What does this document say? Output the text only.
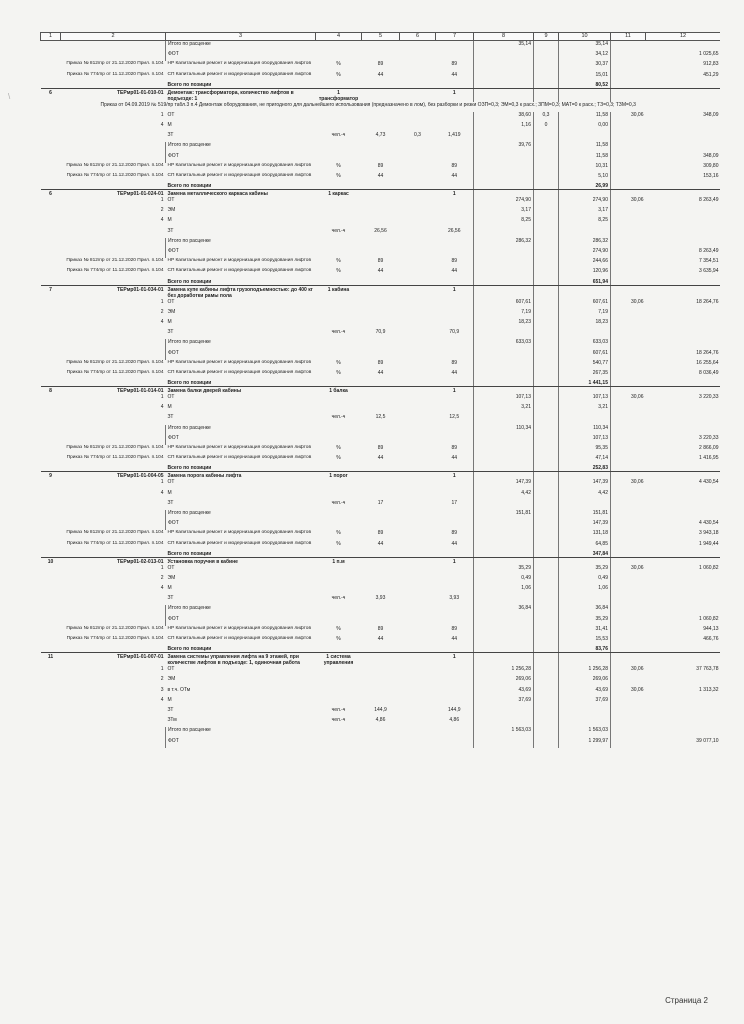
\
1	2	3	4	5	6	7	8	9	10	11	12
		Итого по расценке					35,14		35,14		
		ФОТ							34,12		1 025,65
	Приказ № 812/пр от 21.12.2020 Прил. п.104	НР Капитальный ремонт и модернизация оборудования лифтов	%	89		89			30,37		912,83
	Приказ № 774/пр от 11.12.2020 Прил. п.104	СП Капитальный ремонт и модернизация оборудования лифтов	%	44		44			15,01		451,29
		Всего по позиции							80,52		
6	ТЕРмр01-01-010-01	Демонтаж: трансформатора, количество лифтов в подъезде: 1	1 трансформатор			1					
Приказ от 04.09.2019 № 519/пр табл.3 п.4 Демонтаж оборудования, не пригодного для дальнейшего использования (предназначено в лом), без разборки и резки ОЗП=0,3; ЭМ=0,3 к расх.; ЗПМ=0,3; МАТ=0 к расх.; ТЗ=0,3; ТЗМ=0,3											
	1	ОТ					38,60	0,3	11,58	30,06	348,09
	4	М					1,16	0	0,00		
		ЗТ	чел.-ч	4,73	0,3	1,419					
		Итого по расценке					39,76		11,58		
		ФОТ							11,58		348,09
	Приказ № 812/пр от 21.12.2020 Прил. п.104	НР Капитальный ремонт и модернизация оборудования лифтов	%	89		89			10,31		309,80
	Приказ № 774/пр от 11.12.2020 Прил. п.104	СП Капитальный ремонт и модернизация оборудования лифтов	%	44		44			5,10		153,16
		Всего по позиции							26,99		
6	ТЕРмр01-01-024-01	Замена металлического каркаса кабины	1 каркас			1					
	1	ОТ					274,90		274,90	30,06	8 263,49
	2	ЭМ					3,17		3,17		
	4	М					8,25		8,25		
		ЗТ	чел.-ч	26,56		26,56					
		Итого по расценке					286,32		286,32		
		ФОТ							274,90		8 263,49
	Приказ № 812/пр от 21.12.2020 Прил. п.104	НР Капитальный ремонт и модернизация оборудования лифтов	%	89		89			244,66		7 354,51
	Приказ № 774/пр от 11.12.2020 Прил. п.104	СП Капитальный ремонт и модернизация оборудования лифтов	%	44		44			120,96		3 635,94
		Всего по позиции							651,94		
7	ТЕРмр01-01-034-01	Замена купе кабины лифта грузоподъемностью: до 400 кг без доработки рамы пола	1 кабина			1					
	1	ОТ					607,61		607,61	30,06	18 264,76
	2	ЭМ					7,19		7,19		
	4	М					18,23		18,23		
		ЗТ	чел.-ч	70,9		70,9					
		Итого по расценке					633,03		633,03		
		ФОТ							607,61		18 264,76
	Приказ № 812/пр от 21.12.2020 Прил. п.104	НР Капитальный ремонт и модернизация оборудования лифтов	%	89		89			540,77		16 255,64
	Приказ № 774/пр от 11.12.2020 Прил. п.104	СП Капитальный ремонт и модернизация оборудования лифтов	%	44		44			267,35		8 036,49
		Всего по позиции							1 441,15		
8	ТЕРмр01-01-014-01	Замена балки дверей кабины	1 балка			1					
	1	ОТ					107,13		107,13	30,06	3 220,33
	4	М					3,21		3,21		
		ЗТ	чел.-ч	12,5		12,5					
		Итого по расценке					110,34		110,34		
		ФОТ							107,13		3 220,33
	Приказ № 812/пр от 21.12.2020 Прил. п.104	НР Капитальный ремонт и модернизация оборудования лифтов	%	89		89			95,35		2 866,09
	Приказ № 774/пр от 11.12.2020 Прил. п.104	СП Капитальный ремонт и модернизация оборудования лифтов	%	44		44			47,14		1 416,95
		Всего по позиции							252,83		
9	ТЕРмр01-01-004-05	Замена порога кабины лифта	1 порог			1					
	1	ОТ					147,39		147,39	30,06	4 430,54
	4	М					4,42		4,42		
		ЗТ	чел.-ч	17		17					
		Итого по расценке					151,81		151,81		
		ФОТ							147,39		4 430,54
	Приказ № 812/пр от 21.12.2020 Прил. п.104	НР Капитальный ремонт и модернизация оборудования лифтов	%	89		89			131,18		3 943,18
	Приказ № 774/пр от 11.12.2020 Прил. п.104	СП Капитальный ремонт и модернизация оборудования лифтов	%	44		44			64,85		1 949,44
		Всего по позиции							347,84		
10	ТЕРмр01-02-013-01	Установка поручня в кабине	1 п.м			1					
	1	ОТ					35,29		35,29	30,06	1 060,82
	2	ЭМ					0,49		0,49		
	4	М					1,06		1,06		
		ЗТ	чел.-ч	3,93		3,93					
		Итого по расценке					36,84		36,84		
		ФОТ							35,29		1 060,82
	Приказ № 812/пр от 21.12.2020 Прил. п.104	НР Капитальный ремонт и модернизация оборудования лифтов	%	89		89			31,41		944,13
	Приказ № 774/пр от 11.12.2020 Прил. п.104	СП Капитальный ремонт и модернизация оборудования лифтов	%	44		44			15,53		466,76
		Всего по позиции							83,76		
11	ТЕРмр01-01-007-01	Замена системы управления лифта на 9 этажей, при количестве лифтов в подъезде: 1, одиночная работа	1 система управления			1					
	1	ОТ					1 256,28		1 256,28	30,06	37 763,78
	2	ЭМ					269,06		269,06		
	3	в т.ч. ОТм					43,69		43,69	30,06	1 313,32
	4	М					37,69		37,69		
		ЗТ	чел.-ч	144,9		144,9					
		ЗТм	чел.-ч	4,86		4,86					
		Итого по расценке					1 563,03		1 563,03		
		ФОТ							1 299,97		39 077,10
Страница 2
